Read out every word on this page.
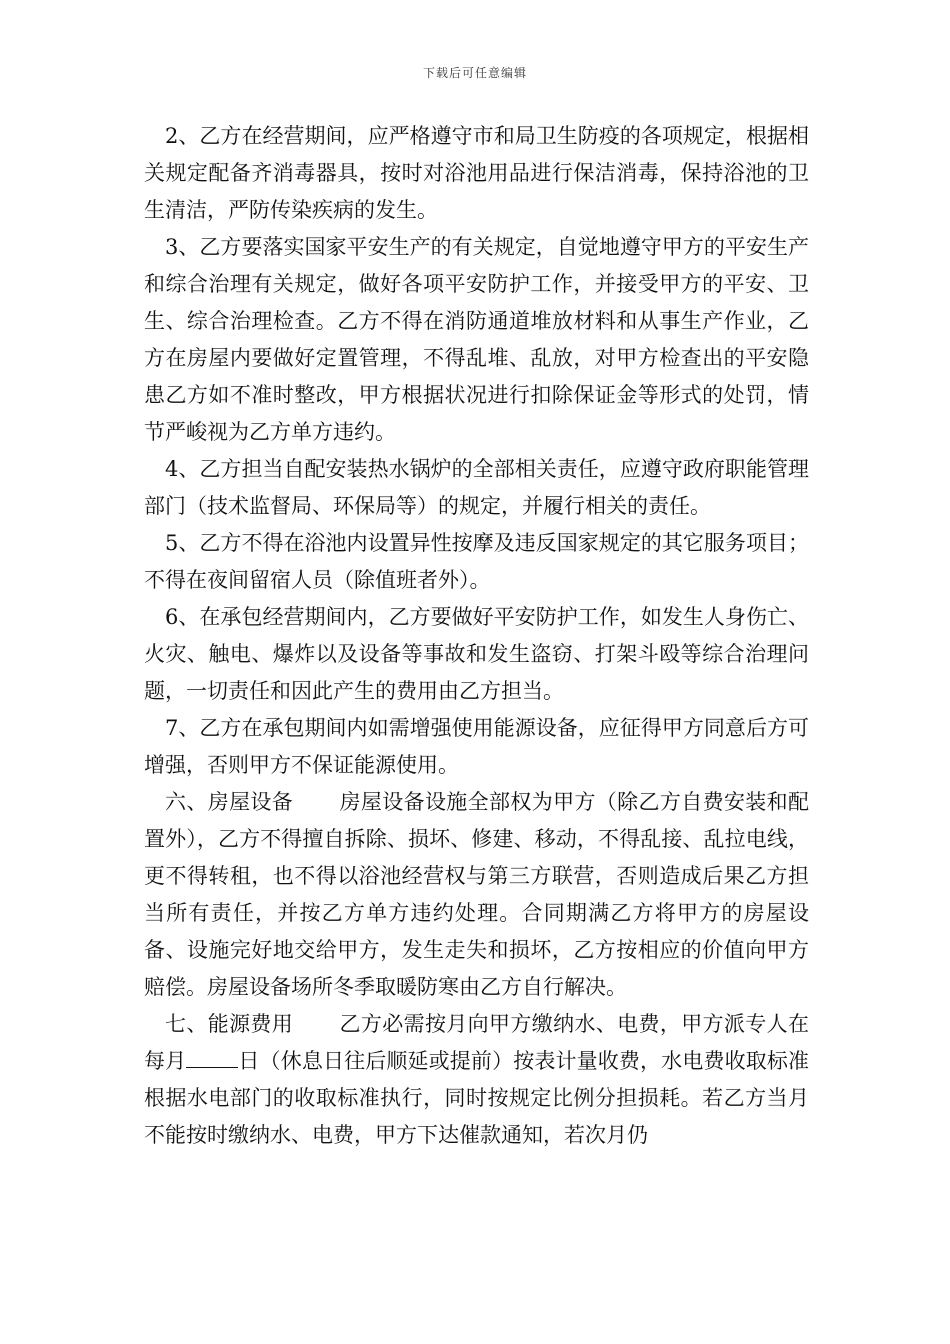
下载后可任意编辑

2、乙方在经营期间，应严格遵守市和局卫生防疫的各项规定，根据相关规定配备齐消毒器具，按时对浴池用品进行保洁消毒，保持浴池的卫生清洁，严防传染疾病的发生。

3、乙方要落实国家平安生产的有关规定，自觉地遵守甲方的平安生产和综合治理有关规定，做好各项平安防护工作，并接受甲方的平安、卫生、综合治理检查。乙方不得在消防通道堆放材料和从事生产作业，乙方在房屋内要做好定置管理，不得乱堆、乱放，对甲方检查出的平安隐患乙方如不准时整改，甲方根据状况进行扣除保证金等形式的处罚，情节严峻视为乙方单方违约。

4、乙方担当自配安装热水锅炉的全部相关责任，应遵守政府职能管理部门（技术监督局、环保局等）的规定，并履行相关的责任。

5、乙方不得在浴池内设置异性按摩及违反国家规定的其它服务项目；不得在夜间留宿人员（除值班者外）。

6、在承包经营期间内，乙方要做好平安防护工作，如发生人身伤亡、火灾、触电、爆炸以及设备等事故和发生盗窃、打架斗殴等综合治理问题，一切责任和因此产生的费用由乙方担当。

7、乙方在承包期间内如需增强使用能源设备，应征得甲方同意后方可增强，否则甲方不保证能源使用。

六、房屋设备 房屋设备设施全部权为甲方（除乙方自费安装和配置外），乙方不得擅自拆除、损坏、修建、移动，不得乱接、乱拉电线，更不得转租，也不得以浴池经营权与第三方联营，否则造成后果乙方担当所有责任，并按乙方单方违约处理。合同期满乙方将甲方的房屋设备、设施完好地交给甲方，发生走失和损坏，乙方按相应的价值向甲方赔偿。房屋设备场所冬季取暖防寒由乙方自行解决。

七、能源费用 乙方必需按月向甲方缴纳水、电费，甲方派专人在每月 日（休息日往后顺延或提前）按表计量收费，水电费收取标准根据水电部门的收取标准执行，同时按规定比例分担损耗。若乙方当月不能按时缴纳水、电费，甲方下达催款通知，若次月仍
